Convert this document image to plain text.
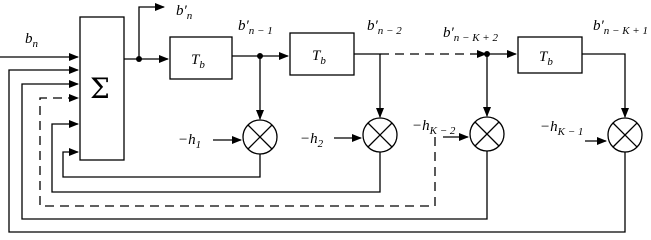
$b_n$
Σ
$b'_n$
$T_b$
$b'_{n - 1}$
$T_b$
$b'_{n - 2}$	$b'_{n - K + 2}$
$T_b$
$b'_{n - K + 1}$
$-h_1$	$-h_2$
$-h_{K - 2}$	$-h_{K - 1}$
